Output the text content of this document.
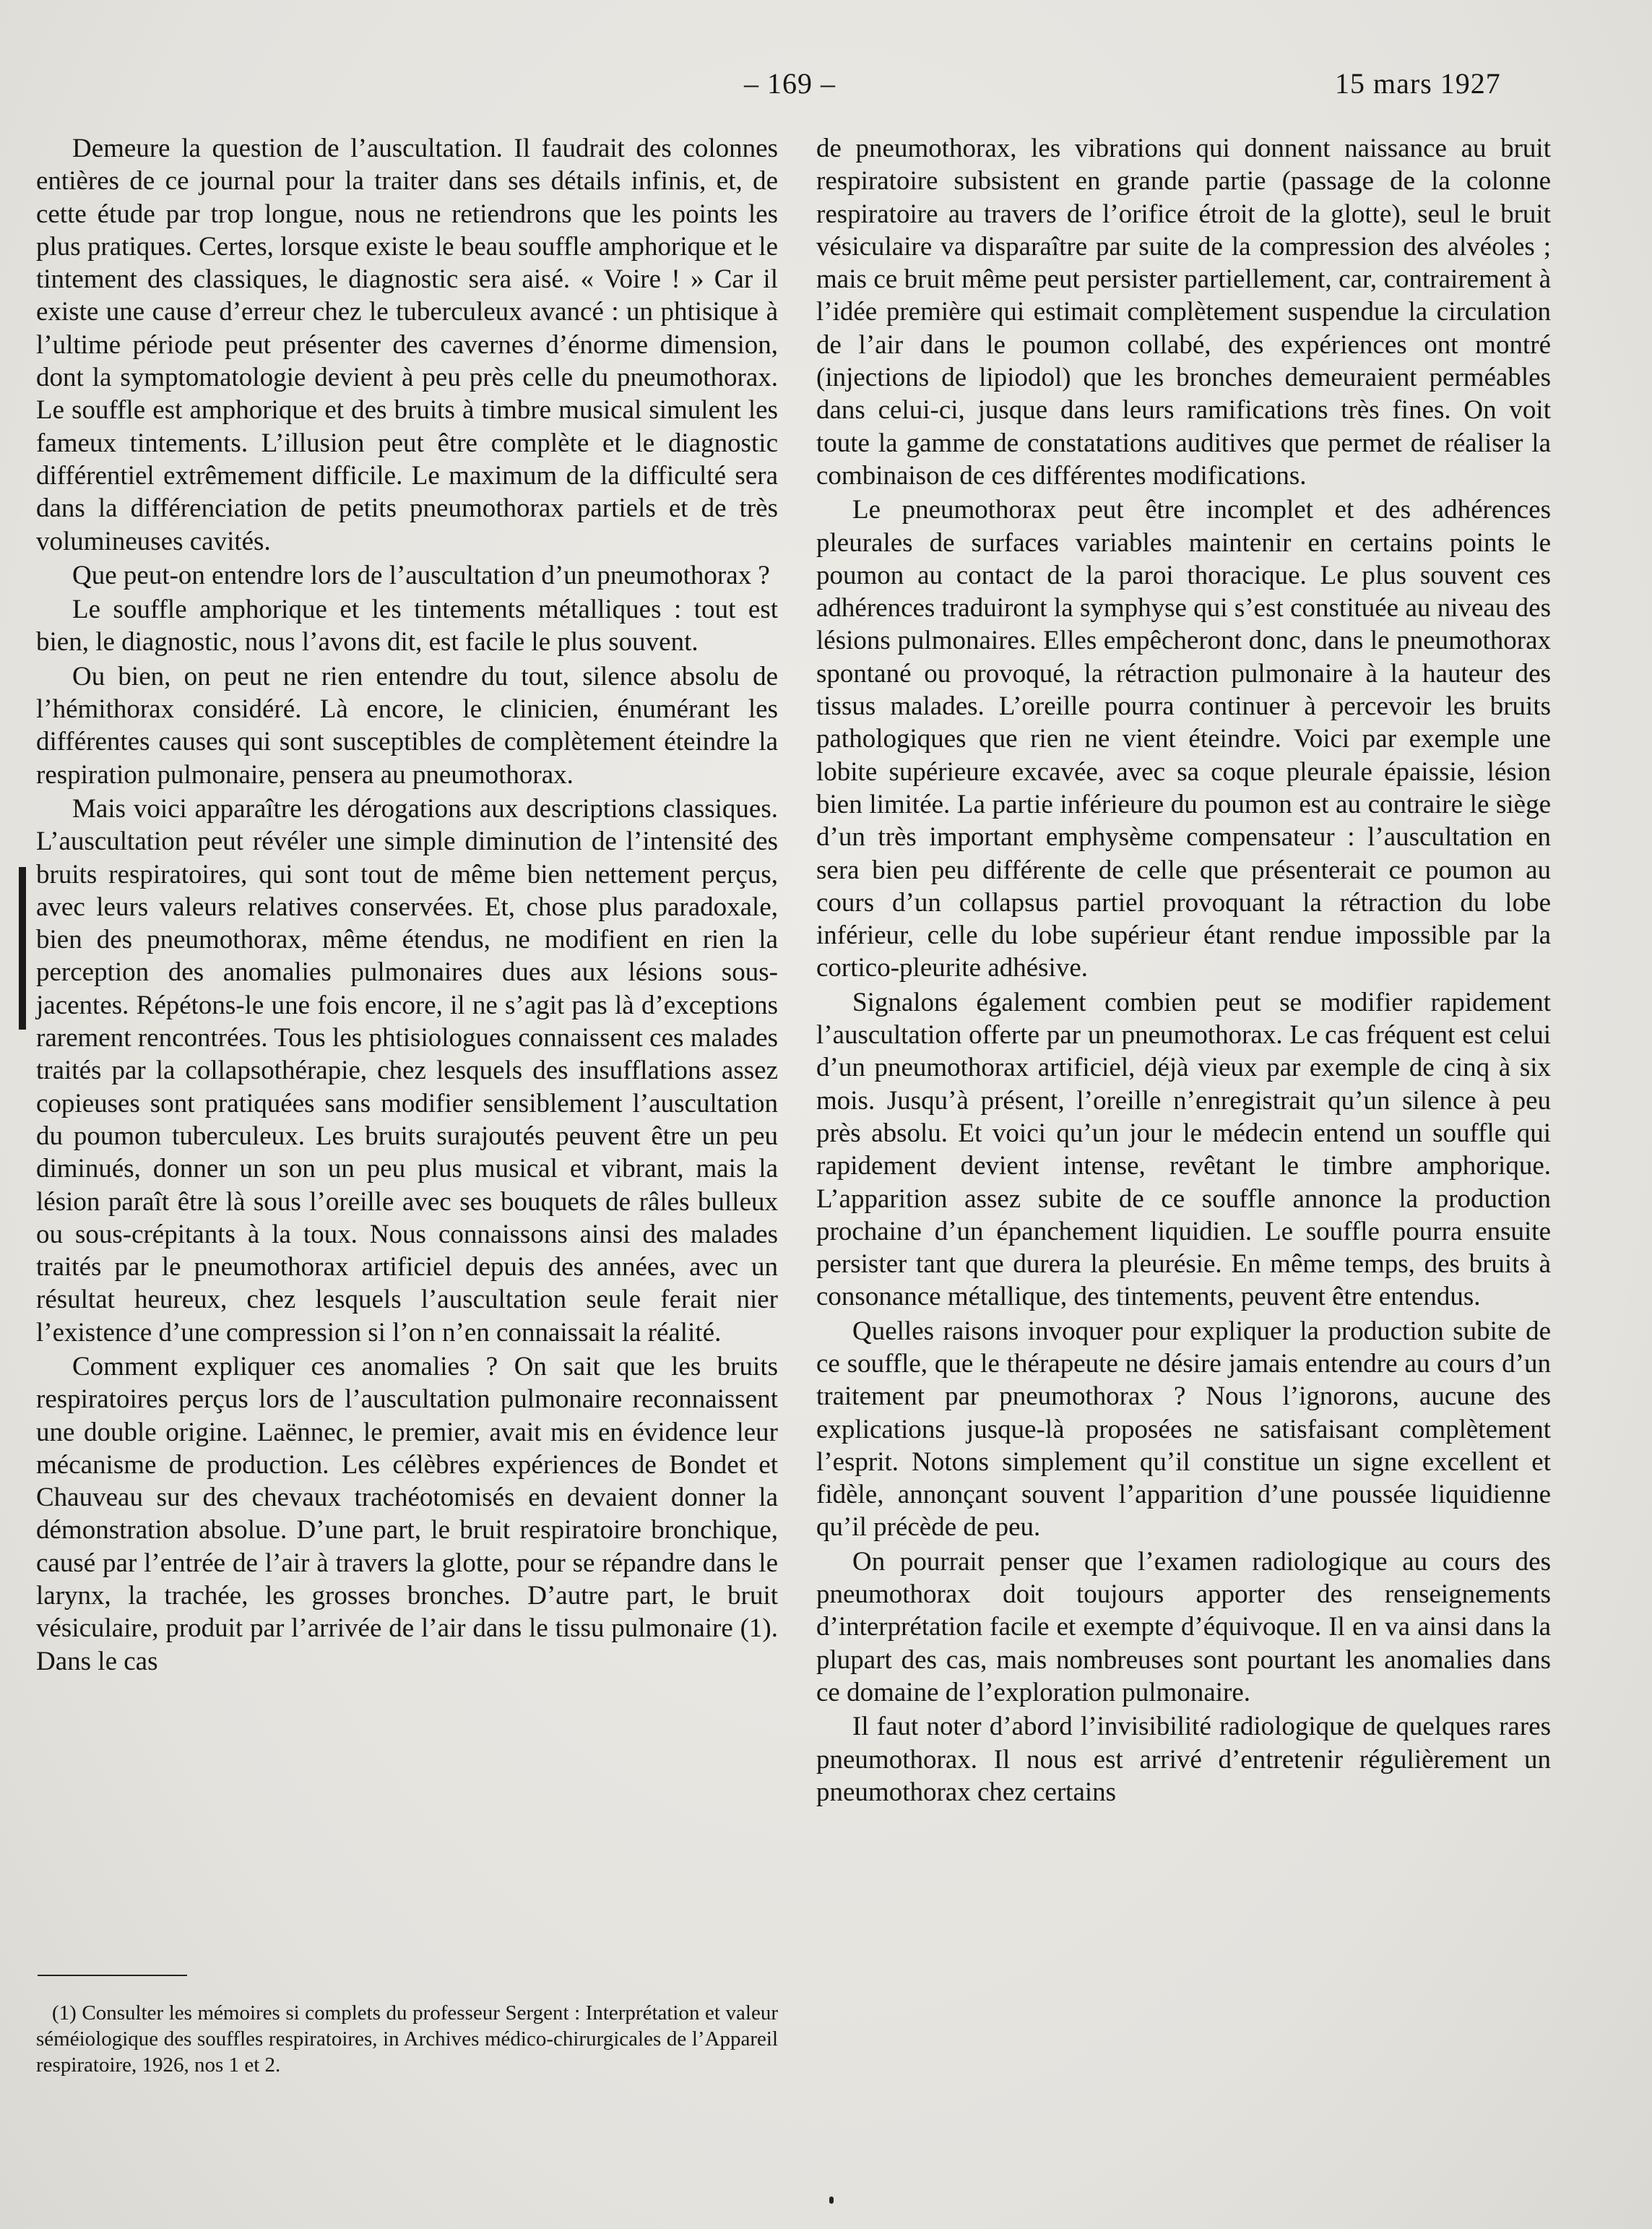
– 169 –	15 mars 1927

Demeure la question de l’auscultation. Il faudrait des colonnes entières de ce journal pour la traiter dans ses détails infinis, et, de cette étude par trop longue, nous ne retiendrons que les points les plus pratiques. Certes, lorsque existe le beau souffle amphorique et le tintement des classiques, le diagnostic sera aisé. « Voire ! » Car il existe une cause d’erreur chez le tuberculeux avancé : un phtisique à l’ultime période peut présenter des cavernes d’énorme dimension, dont la symptomatologie devient à peu près celle du pneumothorax. Le souffle est amphorique et des bruits à timbre musical simulent les fameux tintements. L’illusion peut être complète et le diagnostic différentiel extrêmement difficile. Le maximum de la difficulté sera dans la différenciation de petits pneumothorax partiels et de très volumineuses cavités.

Que peut-on entendre lors de l’auscultation d’un pneumothorax ?

Le souffle amphorique et les tintements métalliques : tout est bien, le diagnostic, nous l’avons dit, est facile le plus souvent.

Ou bien, on peut ne rien entendre du tout, silence absolu de l’hémithorax considéré. Là encore, le clinicien, énumérant les différentes causes qui sont susceptibles de complètement éteindre la respiration pulmonaire, pensera au pneumothorax.

Mais voici apparaître les dérogations aux descriptions classiques. L’auscultation peut révéler une simple diminution de l’intensité des bruits respiratoires, qui sont tout de même bien nettement perçus, avec leurs valeurs relatives conservées. Et, chose plus paradoxale, bien des pneumothorax, même étendus, ne modifient en rien la perception des anomalies pulmonaires dues aux lésions sous-jacentes. Répétons-le une fois encore, il ne s’agit pas là d’exceptions rarement rencontrées. Tous les phtisiologues connaissent ces malades traités par la collapsothérapie, chez lesquels des insufflations assez copieuses sont pratiquées sans modifier sensiblement l’auscultation du poumon tuberculeux. Les bruits surajoutés peuvent être un peu diminués, donner un son un peu plus musical et vibrant, mais la lésion paraît être là sous l’oreille avec ses bouquets de râles bulleux ou sous-crépitants à la toux. Nous connaissons ainsi des malades traités par le pneumothorax artificiel depuis des années, avec un résultat heureux, chez lesquels l’auscultation seule ferait nier l’existence d’une compression si l’on n’en connaissait la réalité.

Comment expliquer ces anomalies ? On sait que les bruits respiratoires perçus lors de l’auscultation pulmonaire reconnaissent une double origine. Laënnec, le premier, avait mis en évidence leur mécanisme de production. Les célèbres expériences de Bondet et Chauveau sur des chevaux trachéotomisés en devaient donner la démonstration absolue. D’une part, le bruit respiratoire bronchique, causé par l’entrée de l’air à travers la glotte, pour se répandre dans le larynx, la trachée, les grosses bronches. D’autre part, le bruit vésiculaire, produit par l’arrivée de l’air dans le tissu pulmonaire (1). Dans le cas

de pneumothorax, les vibrations qui donnent naissance au bruit respiratoire subsistent en grande partie (passage de la colonne respiratoire au travers de l’orifice étroit de la glotte), seul le bruit vésiculaire va disparaître par suite de la compression des alvéoles ; mais ce bruit même peut persister partiellement, car, contrairement à l’idée première qui estimait complètement suspendue la circulation de l’air dans le poumon collabé, des expériences ont montré (injections de lipiodol) que les bronches demeuraient perméables dans celui-ci, jusque dans leurs ramifications très fines. On voit toute la gamme de constatations auditives que permet de réaliser la combinaison de ces différentes modifications.

Le pneumothorax peut être incomplet et des adhérences pleurales de surfaces variables maintenir en certains points le poumon au contact de la paroi thoracique. Le plus souvent ces adhérences traduiront la symphyse qui s’est constituée au niveau des lésions pulmonaires. Elles empêcheront donc, dans le pneumothorax spontané ou provoqué, la rétraction pulmonaire à la hauteur des tissus malades. L’oreille pourra continuer à percevoir les bruits pathologiques que rien ne vient éteindre. Voici par exemple une lobite supérieure excavée, avec sa coque pleurale épaissie, lésion bien limitée. La partie inférieure du poumon est au contraire le siège d’un très important emphysème compensateur : l’auscultation en sera bien peu différente de celle que présenterait ce poumon au cours d’un collapsus partiel provoquant la rétraction du lobe inférieur, celle du lobe supérieur étant rendue impossible par la cortico-pleurite adhésive.

Signalons également combien peut se modifier rapidement l’auscultation offerte par un pneumothorax. Le cas fréquent est celui d’un pneumothorax artificiel, déjà vieux par exemple de cinq à six mois. Jusqu’à présent, l’oreille n’enregistrait qu’un silence à peu près absolu. Et voici qu’un jour le médecin entend un souffle qui rapidement devient intense, revêtant le timbre amphorique. L’apparition assez subite de ce souffle annonce la production prochaine d’un épanchement liquidien. Le souffle pourra ensuite persister tant que durera la pleurésie. En même temps, des bruits à consonance métallique, des tintements, peuvent être entendus.

Quelles raisons invoquer pour expliquer la production subite de ce souffle, que le thérapeute ne désire jamais entendre au cours d’un traitement par pneumothorax ? Nous l’ignorons, aucune des explications jusque-là proposées ne satisfaisant complètement l’esprit. Notons simplement qu’il constitue un signe excellent et fidèle, annonçant souvent l’apparition d’une poussée liquidienne qu’il précède de peu.

On pourrait penser que l’examen radiologique au cours des pneumothorax doit toujours apporter des renseignements d’interprétation facile et exempte d’équivoque. Il en va ainsi dans la plupart des cas, mais nombreuses sont pourtant les anomalies dans ce domaine de l’exploration pulmonaire.

Il faut noter d’abord l’invisibilité radiologique de quelques rares pneumothorax. Il nous est arrivé d’entretenir régulièrement un pneumothorax chez certains

(1) Consulter les mémoires si complets du professeur Sergent : Interprétation et valeur séméiologique des souffles respiratoires, in Archives médico-chirurgicales de l’Appareil respiratoire, 1926, nos 1 et 2.
